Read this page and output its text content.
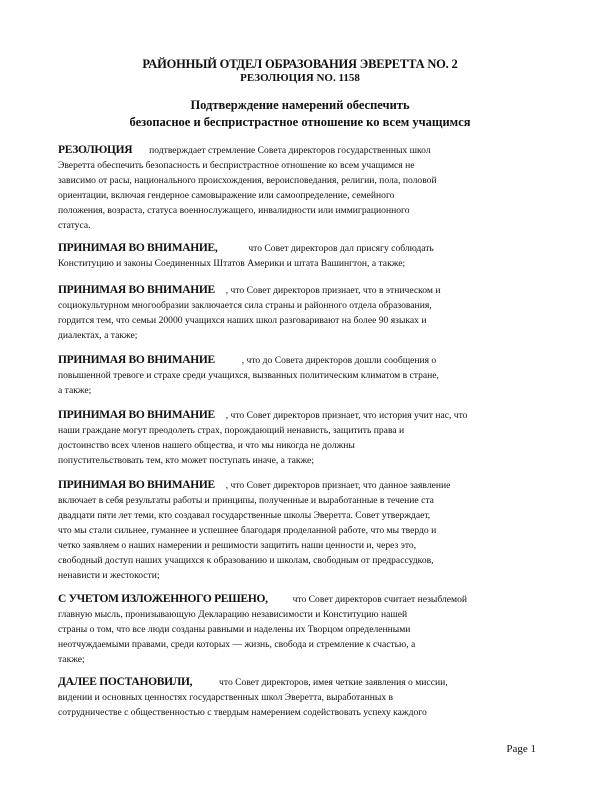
РАЙОННЫЙ ОТДЕЛ ОБРАЗОВАНИЯ ЭВЕРЕТТА NO. 2
РЕЗОЛЮЦИЯ NO. 1158
Подтверждение намерений обеспечить
безопасное и беспристрастное отношение ко всем учащимся
РЕЗОЛЮЦИЯ подтверждает стремление Совета директоров государственных школ
Эверетта обеспечить безопасность и беспристрастное отношение ко всем учащимся не
зависимо от расы, национального происхождения, вероисповедания, религии, пола, половой
ориентации, включая гендерное самовыражение или самоопределение, семейного
положения, возраста, статуса военнослужащего, инвалидности или иммиграционного
статуса.
ПРИНИМАЯ ВО ВНИМАНИЕ,	что Совет директоров дал присягу соблюдать
Конституцию и законы Соединенных Штатов Америки и штата Вашингтон, а также;
ПРИНИМАЯ ВО ВНИМАНИЕ , что Совет директоров признает, что в этническом и
социокультурном многообразии заключается сила страны и районного отдела образования,
гордится тем, что семьи 20000 учащихся наших школ разговаривают на более 90 языках и
диалектах, а также;
ПРИНИМАЯ ВО ВНИМАНИЕ	, что до Совета директоров дошли сообщения о
повышенной тревоге и страхе среди учащихся, вызванных политическим климатом в стране,
а также;
ПРИНИМАЯ ВО ВНИМАНИЕ , что Совет директоров признает, что история учит нас, что
наши граждане могут преодолеть страх, порождающий ненависть, защитить права и
достоинство всех членов нашего общества, и что мы никогда не должны
попустительствовать тем, кто может поступать иначе, а также;
ПРИНИМАЯ ВО ВНИМАНИЕ , что Совет директоров признает, что данное заявление
включает в себя результаты работы и принципы, полученные и выработанные в течение ста
двадцати пяти лет теми, кто создавал государственные школы Эверетта. Совет утверждает,
что мы стали сильнее, гуманнее и успешнее благодаря проделанной работе, что мы твердо и
четко заявляем о наших намерении и решимости защитить наши ценности и, через это,
свободный доступ наших учащихся к образованию и школам, свободным от предрассудков,
ненависти и жестокости;
С УЧЕТОМ ИЗЛОЖЕННОГО РЕШЕНО,	что Совет директоров считает незыблемой
главную мысль, пронизывающую Декларацию независимости и Конституцию нашей
страны о том, что все люди созданы равными и наделены их Творцом определенными
неотчуждаемыми правами, среди которых — жизнь, свобода и стремление к счастью, а
также;
ДАЛЕЕ ПОСТАНОВИЛИ,	что Совет директоров, имея четкие заявления о миссии,
видении и основных ценностях государственных школ Эверетта, выработанных в
сотрудничестве с общественностью с твердым намерением содействовать успеху каждого
Page 1
